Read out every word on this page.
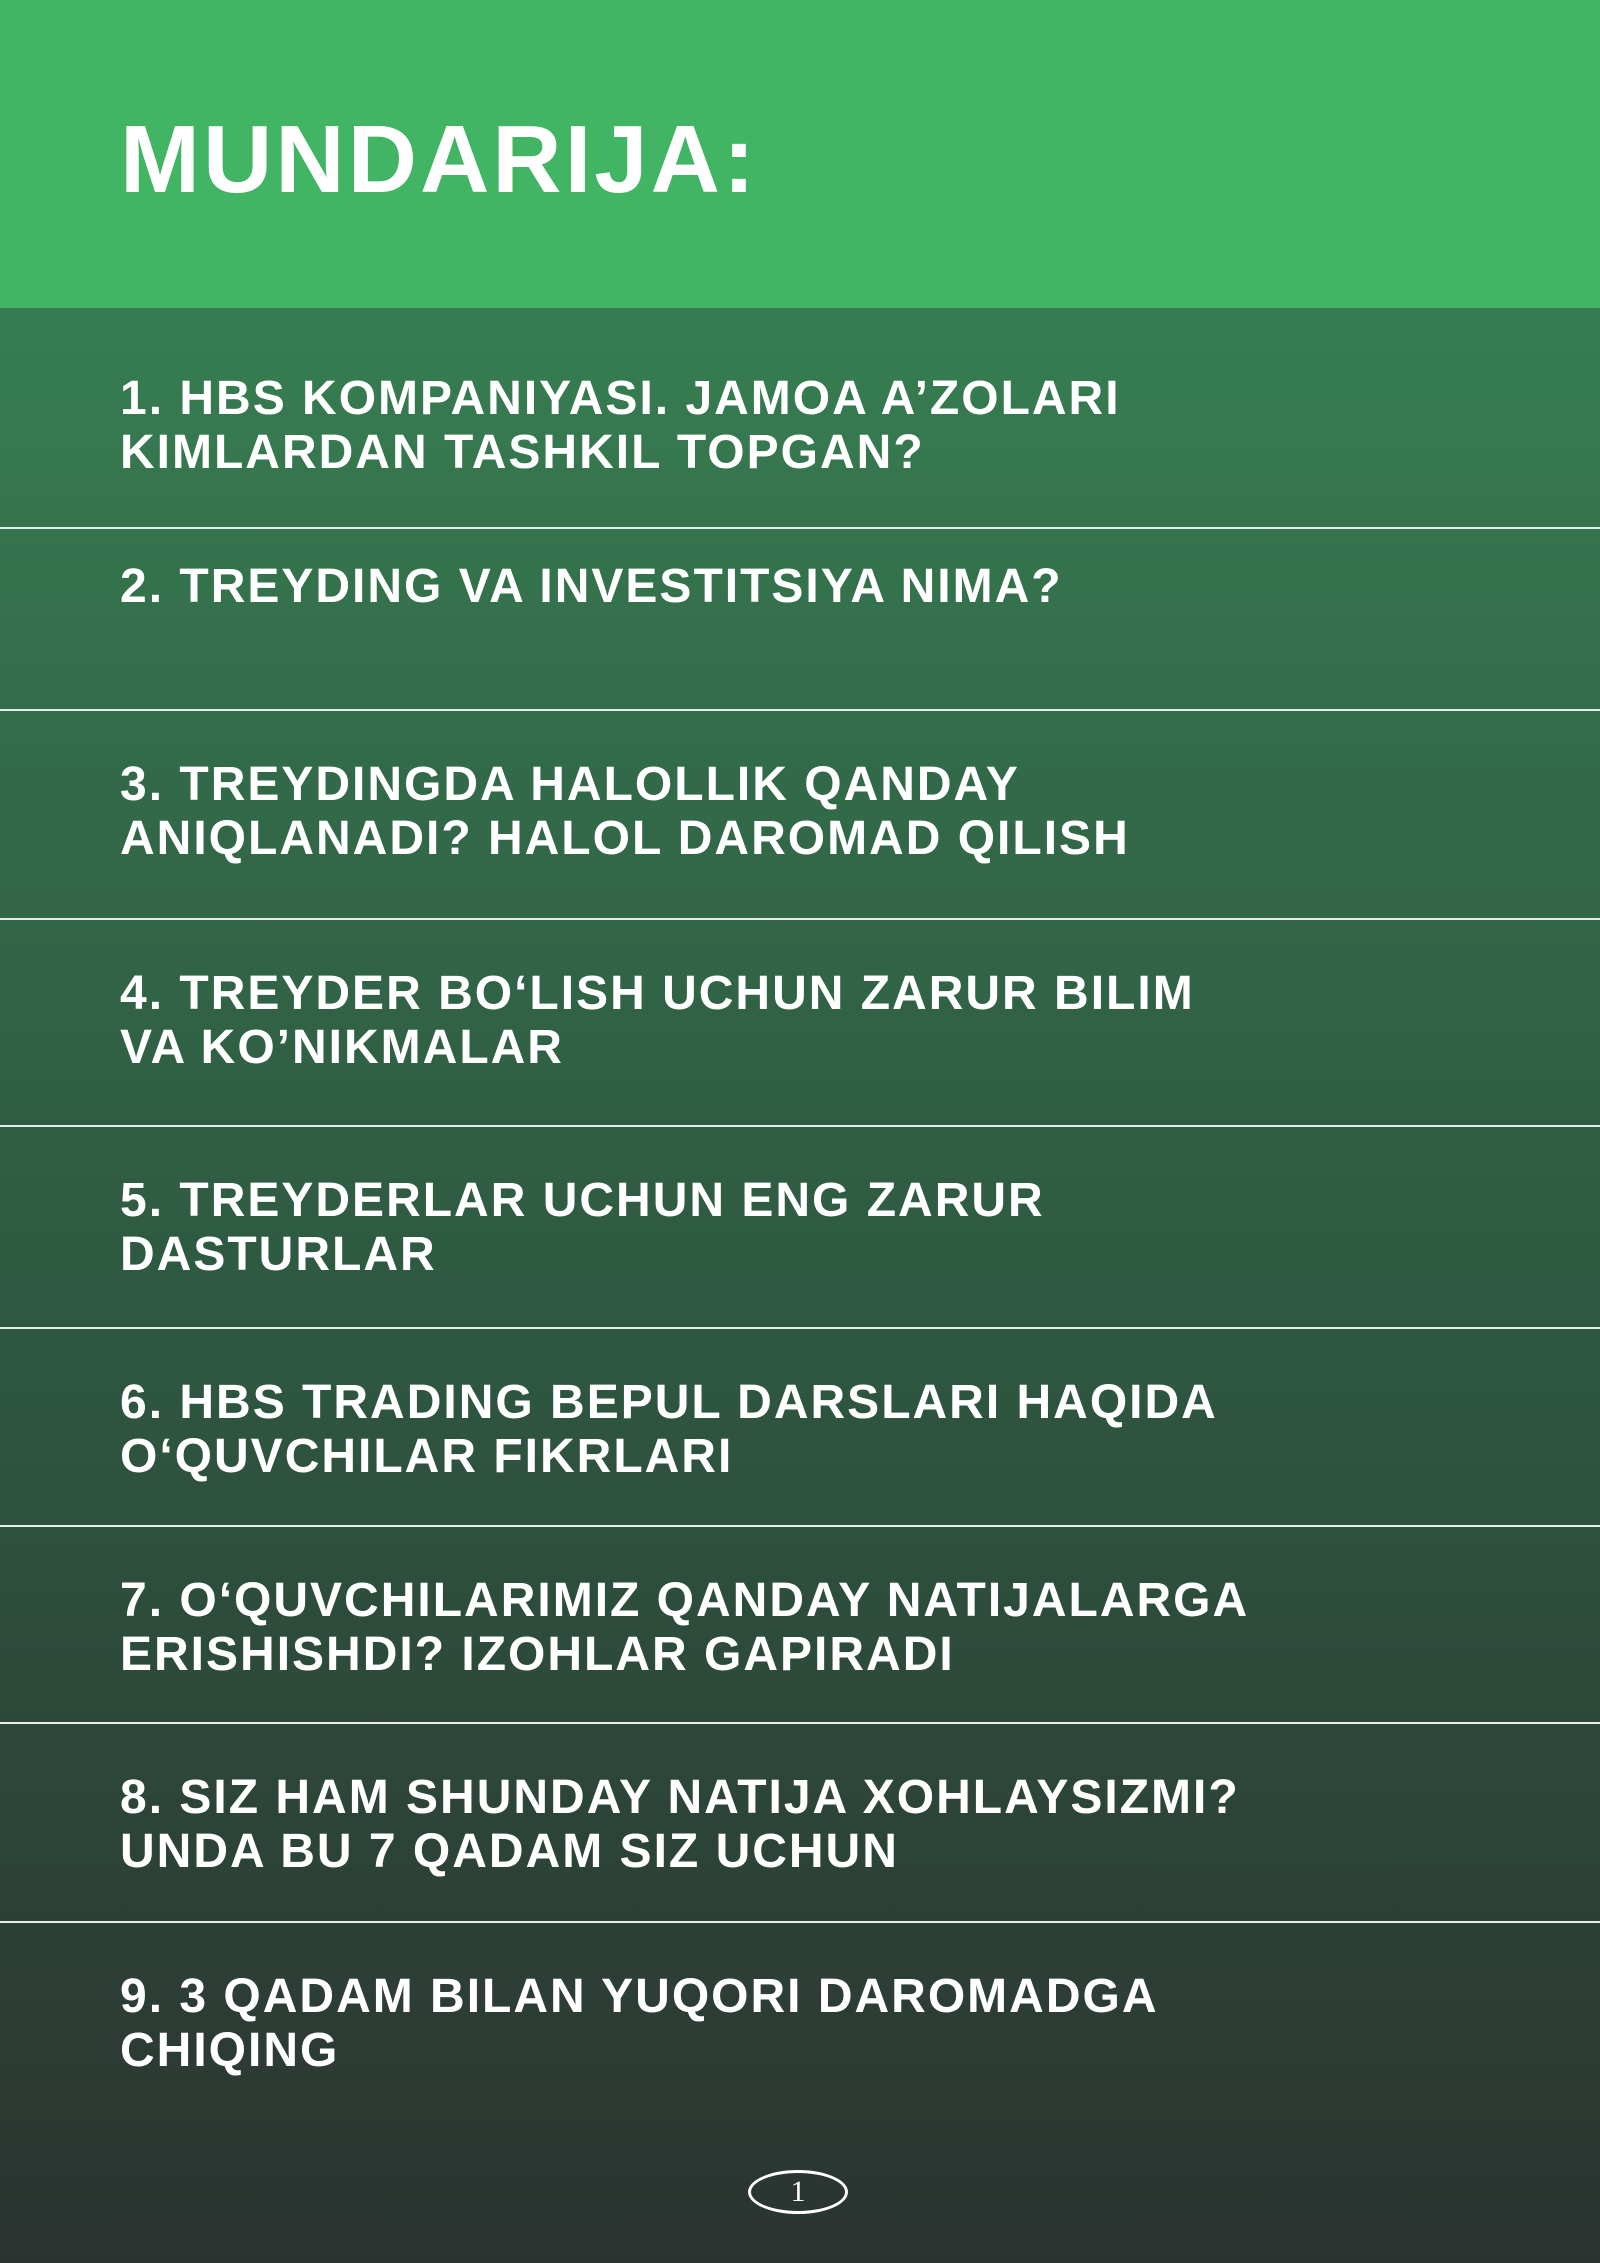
MUNDARIJA:
1. HBS KOMPANIYASI. JAMOA A’ZOLARI
KIMLARDAN TASHKIL TOPGAN?
2. TREYDING VA INVESTITSIYA NIMA?
3. TREYDINGDA HALOLLIK QANDAY
ANIQLANADI? HALOL DAROMAD QILISH
4. TREYDER BO‘LISH UCHUN ZARUR BILIM
VA KO’NIKMALAR
5. TREYDERLAR UCHUN ENG ZARUR
DASTURLAR
6. HBS TRADING BEPUL DARSLARI HAQIDA
O‘QUVCHILAR FIKRLARI
7. O‘QUVCHILARIMIZ QANDAY NATIJALARGA
ERISHISHDI? IZOHLAR GAPIRADI
8. SIZ HAM SHUNDAY NATIJA XOHLAYSIZMI?
UNDA BU 7 QADAM SIZ UCHUN
9. 3 QADAM BILAN YUQORI DAROMADGA
CHIQING
1
